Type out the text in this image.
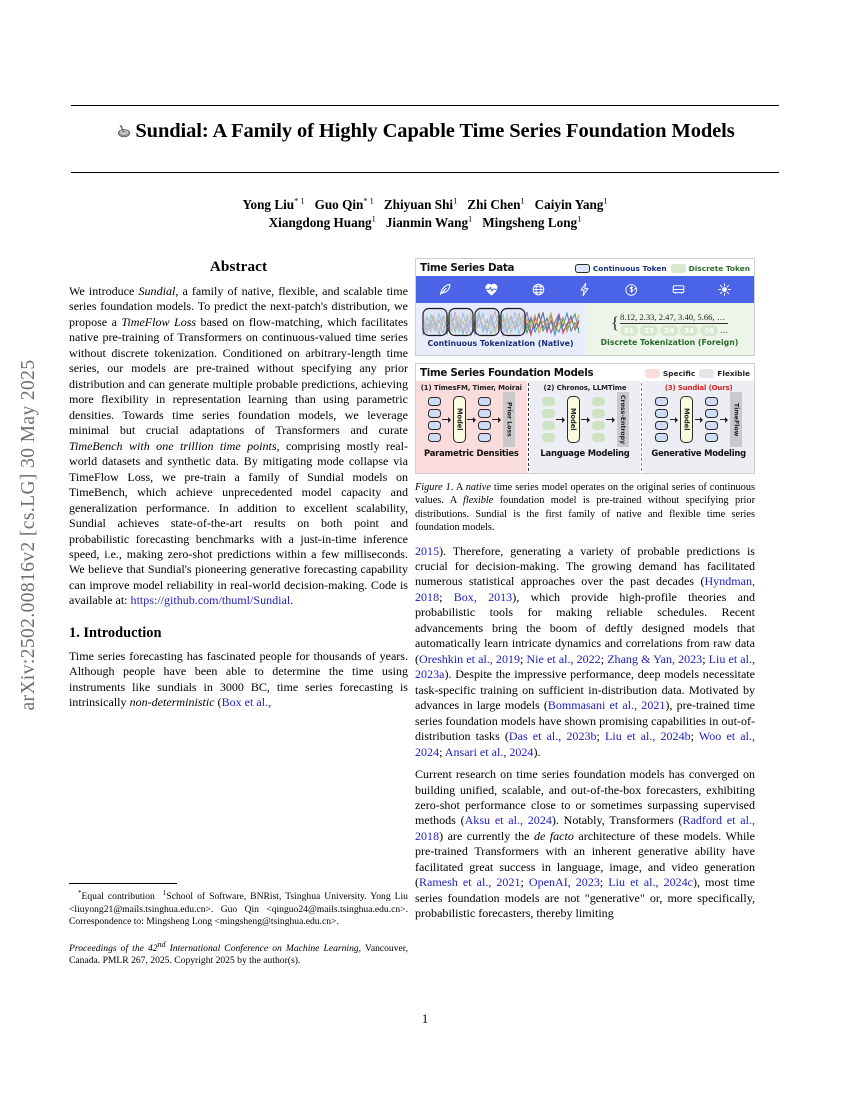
arXiv:2502.00816v2 [cs.LG] 30 May 2025
Sundial: A Family of Highly Capable Time Series Foundation Models
Yong Liu$^{* 1}$ Guo Qin$^{* 1}$ Zhiyuan Shi$^1$ Zhi Chen$^1$ Caiyin Yang$^1$
Xiangdong Huang$^1$ Jianmin Wang$^1$ Mingsheng Long$^1$
Abstract

We introduce Sundial, a family of native, flexible, and scalable time series foundation models. To predict the next-patch's distribution, we propose a TimeFlow Loss based on flow-matching, which facilitates native pre-training of Transformers on continuous-valued time series without discrete tokenization. Conditioned on arbitrary-length time series, our models are pre-trained without specifying any prior distribution and can generate multiple probable predictions, achieving more flexibility in representation learning than using parametric densities. Towards time series foundation models, we leverage minimal but crucial adaptations of Transformers and curate TimeBench with one trillion time points, comprising mostly real-world datasets and synthetic data. By mitigating mode collapse via TimeFlow Loss, we pre-train a family of Sundial models on TimeBench, which achieve unprecedented model capacity and generalization performance. In addition to excellent scalability, Sundial achieves state-of-the-art results on both point and probabilistic forecasting benchmarks with a just-in-time inference speed, i.e., making zero-shot predictions within a few milliseconds. We believe that Sundial's pioneering generative forecasting capability can improve model reliability in real-world decision-making. Code is available at: https://github.com/thuml/Sundial.

1. Introduction

Time series forecasting has fascinated people for thousands of years. Although people have been able to determine the time using instruments like sundials in 3000 BC, time series forecasting is intrinsically non-deterministic (Box et al.,

*Equal contribution  $^1$School of Software, BNRist, Tsinghua University. Yong Liu <liuyong21@mails.tsinghua.edu.cn>. Guo Qin <qinguo24@mails.tsinghua.edu.cn>. Correspondence to: Mingsheng Long <mingsheng@tsinghua.edu.cn>.

Proceedings of the 42nd International Conference on Machine Learning, Vancouver, Canada. PMLR 267, 2025. Copyright 2025 by the author(s).

Time Series Data	Continuous Token	Discrete Token
Continuous Tokenization (Native)
{ 8.12, 2.33, 2.47, 3.40, 5.66, …
81	23	24	34	56 …
Discrete Tokenization (Foreign)
Time Series Foundation Models	Specific	Flexible
(1) TimesFM, Timer, Moirai
Model	Prior Loss
Parametric Densities
(2) Chronos, LLMTime
Model	Cross-Entropy
Language Modeling
(3) Sundial (Ours)
Model	TimeFlow
Generative Modeling

Figure 1. A native time series model operates on the original series of continuous values. A flexible foundation model is pre-trained without specifying prior distributions. Sundial is the first family of native and flexible time series foundation models.

2015). Therefore, generating a variety of probable predictions is crucial for decision-making. The growing demand has facilitated numerous statistical approaches over the past decades (Hyndman, 2018; Box, 2013), which provide high-profile theories and probabilistic tools for making reliable schedules. Recent advancements bring the boom of deftly designed models that automatically learn intricate dynamics and correlations from raw data (Oreshkin et al., 2019; Nie et al., 2022; Zhang & Yan, 2023; Liu et al., 2023a). Despite the impressive performance, deep models necessitate task-specific training on sufficient in-distribution data. Motivated by advances in large models (Bommasani et al., 2021), pre-trained time series foundation models have shown promising capabilities in out-of-distribution tasks (Das et al., 2023b; Liu et al., 2024b; Woo et al., 2024; Ansari et al., 2024).

Current research on time series foundation models has converged on building unified, scalable, and out-of-the-box forecasters, exhibiting zero-shot performance close to or sometimes surpassing supervised methods (Aksu et al., 2024). Notably, Transformers (Radford et al., 2018) are currently the de facto architecture of these models. While pre-trained Transformers with an inherent generative ability have facilitated great success in language, image, and video generation (Ramesh et al., 2021; OpenAI, 2023; Liu et al., 2024c), most time series foundation models are not "generative" or, more specifically, probabilistic forecasters, thereby limiting

1
